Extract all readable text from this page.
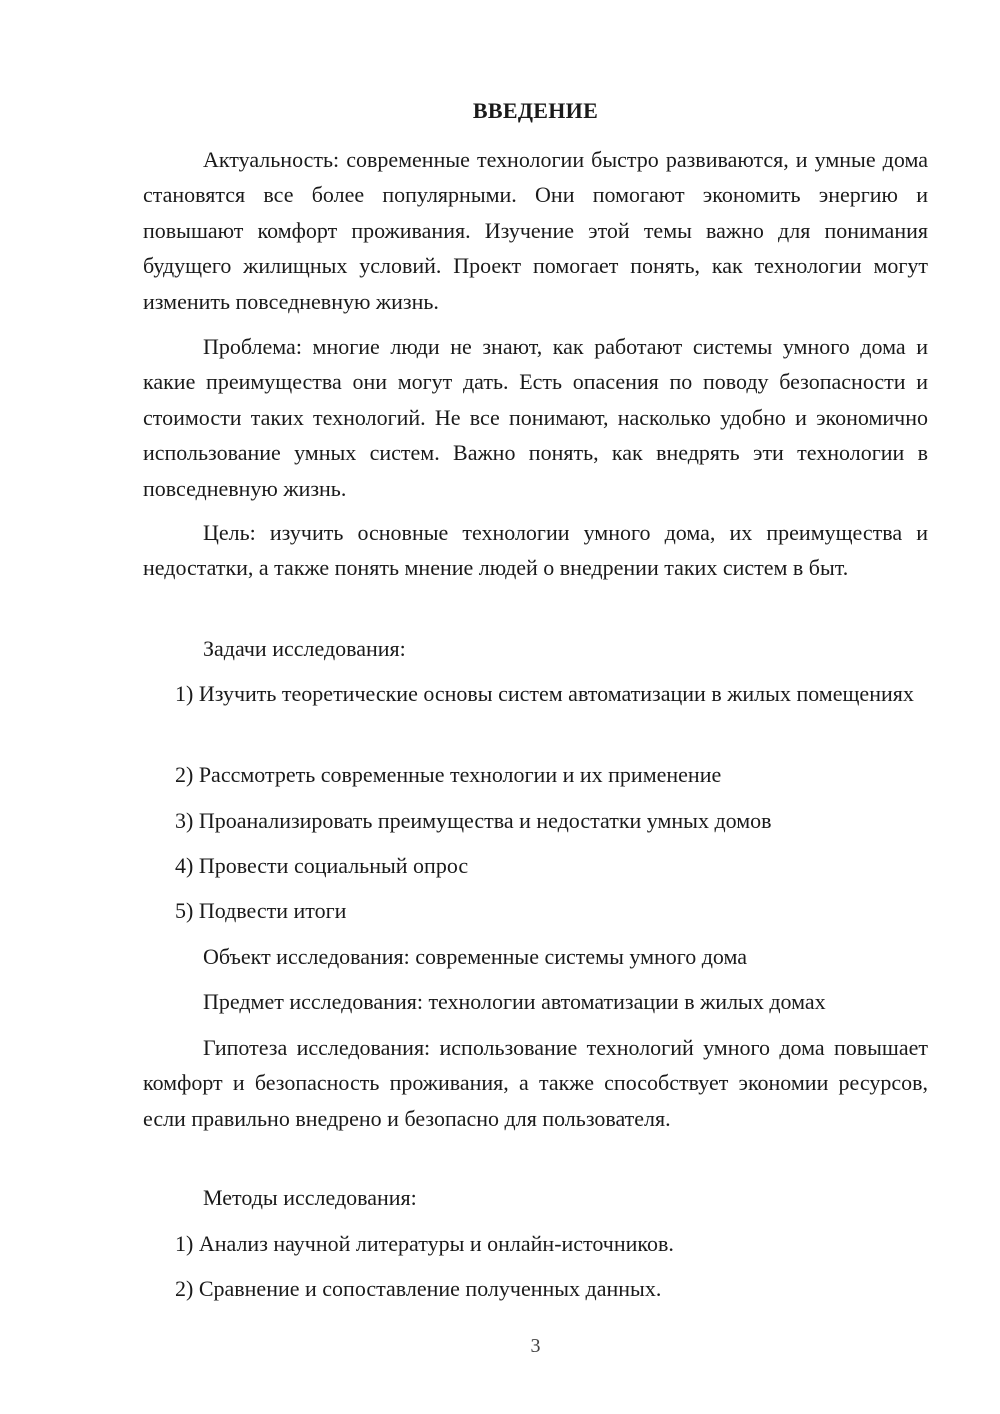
ВВЕДЕНИЕ

Актуальность: современные технологии быстро развиваются, и умные дома становятся все более популярными. Они помогают экономить энергию и повышают комфорт проживания. Изучение этой темы важно для понимания будущего жилищных условий. Проект помогает понять, как технологии могут изменить повседневную жизнь.

Проблема: многие люди не знают, как работают системы умного дома и какие преимущества они могут дать. Есть опасения по поводу безопасности и стоимости таких технологий. Не все понимают, насколько удобно и экономично использование умных систем. Важно понять, как внедрять эти технологии в повседневную жизнь.

Цель: изучить основные технологии умного дома, их преимущества и недостатки, а также понять мнение людей о внедрении таких систем в быт.

Задачи исследования:

1) Изучить теоретические основы систем автоматизации в жилых помещениях

2) Рассмотреть современные технологии и их применение

3) Проанализировать преимущества и недостатки умных домов

4) Провести социальный опрос

5) Подвести итоги

Объект исследования: современные системы умного дома

Предмет исследования: технологии автоматизации в жилых домах

Гипотеза исследования: использование технологий умного дома повышает комфорт и безопасность проживания, а также способствует экономии ресурсов, если правильно внедрено и безопасно для пользователя.

Методы исследования:

1) Анализ научной литературы и онлайн-источников.

2) Сравнение и сопоставление полученных данных.

3
